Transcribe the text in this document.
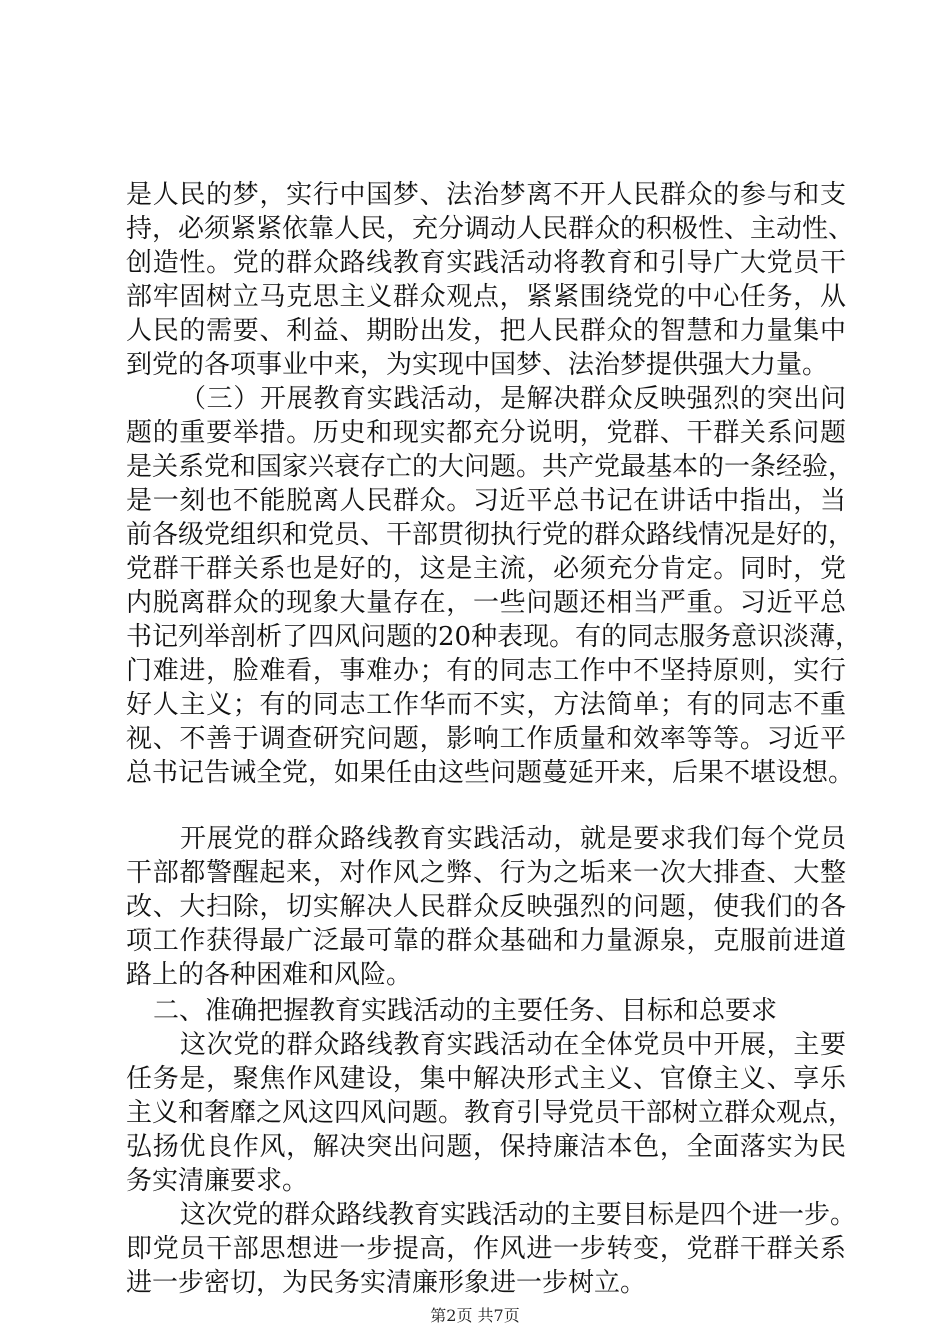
是人民的梦，实行中国梦、法治梦离不开人民群众的参与和支
持，必须紧紧依靠人民，充分调动人民群众的积极性、主动性、
创造性。党的群众路线教育实践活动将教育和引导广大党员干
部牢固树立马克思主义群众观点，紧紧围绕党的中心任务，从
人民的需要、利益、期盼出发，把人民群众的智慧和力量集中
到党的各项事业中来，为实现中国梦、法治梦提供强大力量。
（三）开展教育实践活动，是解决群众反映强烈的突出问
题的重要举措。历史和现实都充分说明，党群、干群关系问题
是关系党和国家兴衰存亡的大问题。共产党最基本的一条经验，
是一刻也不能脱离人民群众。习近平总书记在讲话中指出，当
前各级党组织和党员、干部贯彻执行党的群众路线情况是好的，
党群干群关系也是好的，这是主流，必须充分肯定。同时，党
内脱离群众的现象大量存在，一些问题还相当严重。习近平总
书记列举剖析了四风问题的20种表现。有的同志服务意识淡薄，
门难进，脸难看，事难办；有的同志工作中不坚持原则，实行
好人主义；有的同志工作华而不实，方法简单；有的同志不重
视、不善于调查研究问题，影响工作质量和效率等等。习近平
总书记告诫全党，如果任由这些问题蔓延开来，后果不堪设想。
开展党的群众路线教育实践活动，就是要求我们每个党员
干部都警醒起来，对作风之弊、行为之垢来一次大排查、大整
改、大扫除，切实解决人民群众反映强烈的问题，使我们的各
项工作获得最广泛最可靠的群众基础和力量源泉，克服前进道
路上的各种困难和风险。
二、准确把握教育实践活动的主要任务、目标和总要求
这次党的群众路线教育实践活动在全体党员中开展，主要
任务是，聚焦作风建设，集中解决形式主义、官僚主义、享乐
主义和奢靡之风这四风问题。教育引导党员干部树立群众观点，
弘扬优良作风，解决突出问题，保持廉洁本色，全面落实为民
务实清廉要求。
这次党的群众路线教育实践活动的主要目标是四个进一步。
即党员干部思想进一步提高，作风进一步转变，党群干群关系
进一步密切，为民务实清廉形象进一步树立。
第2页 共7页
